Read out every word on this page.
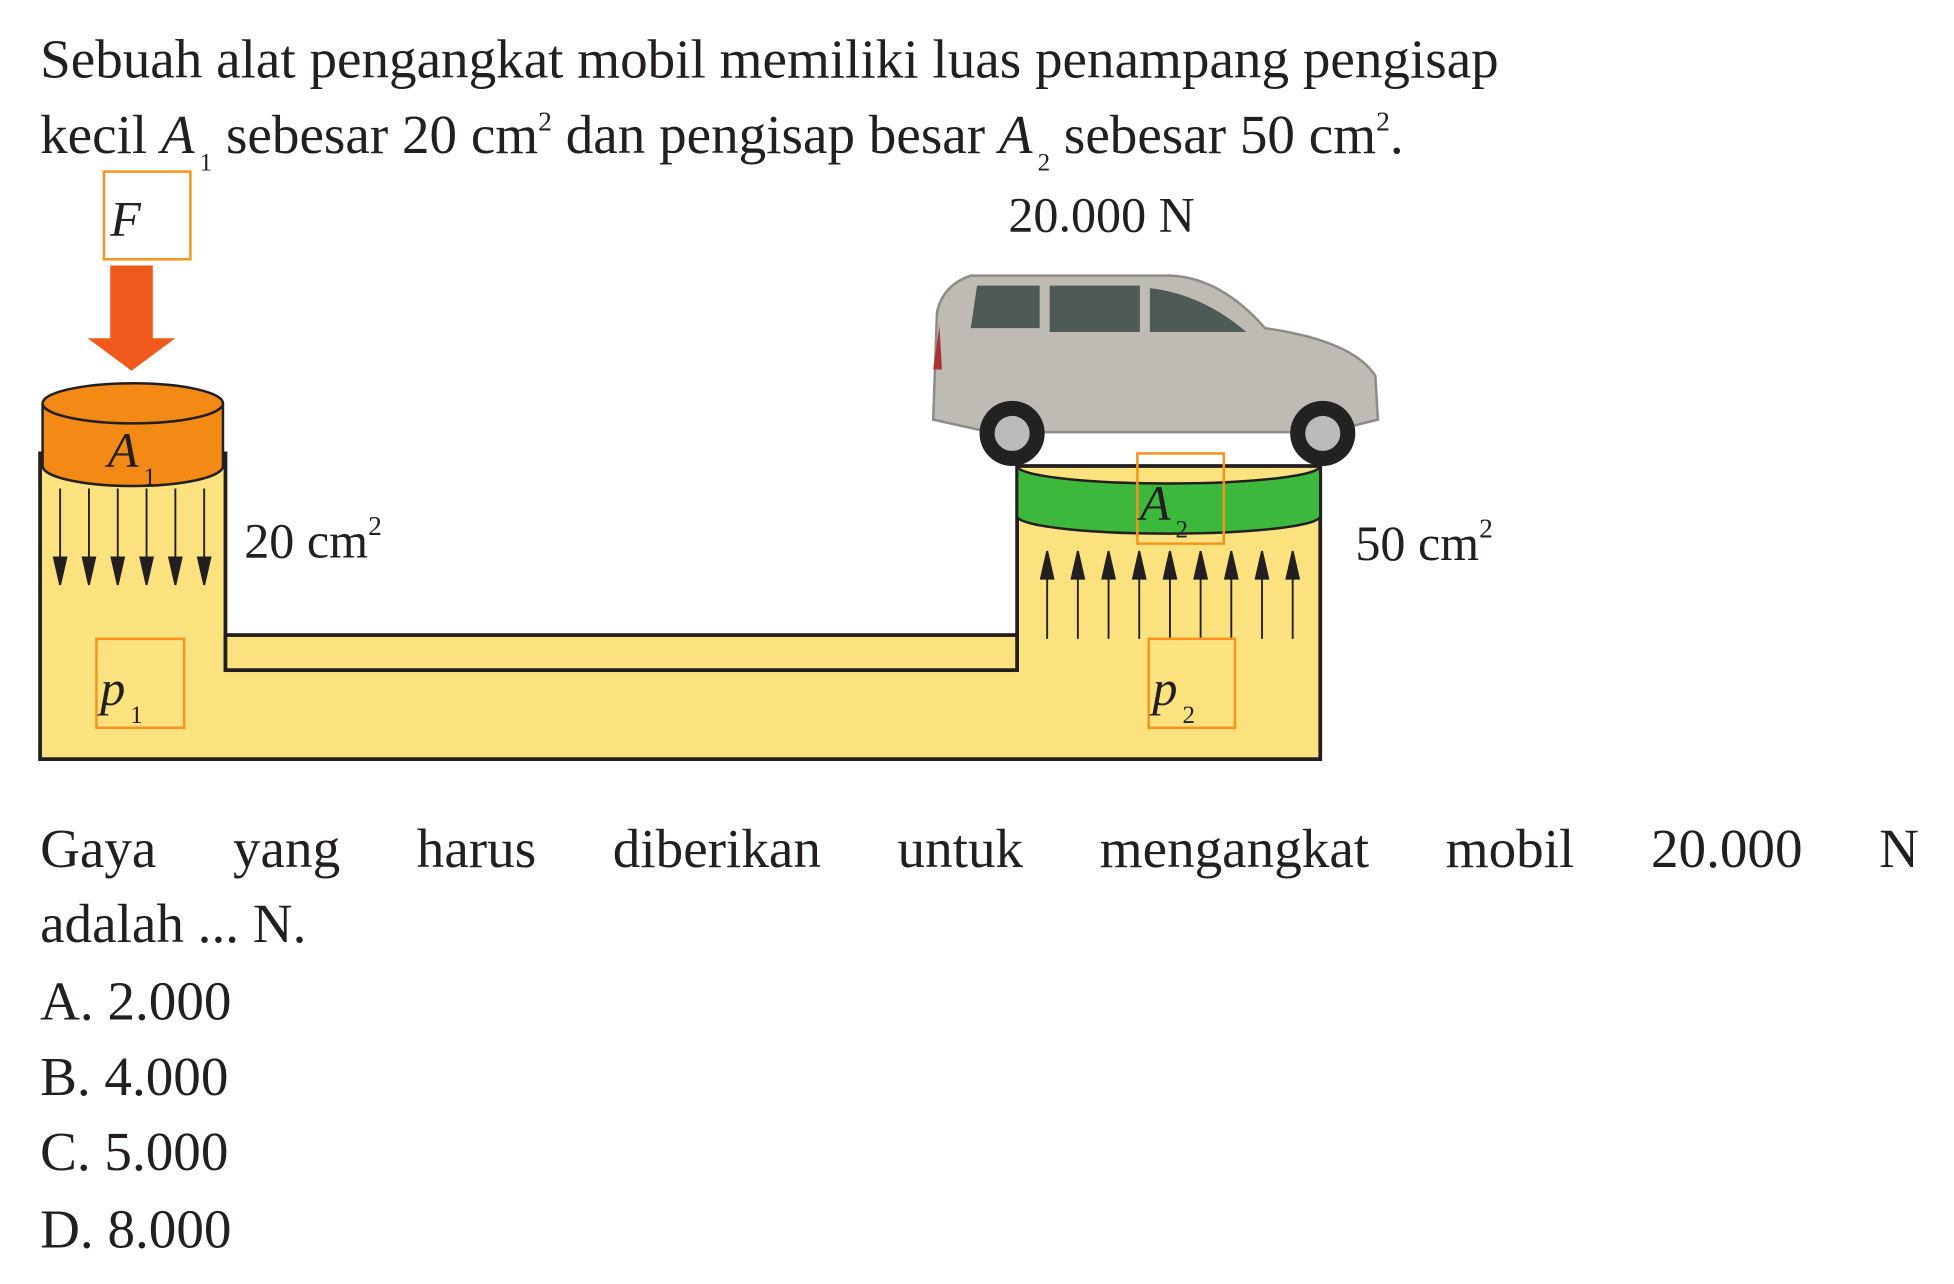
Sebuah alat pengangkat mobil memiliki luas penampang pengisap
kecil A $_1$ sebesar 20 $cm^2$ dan pengisap besar A $_2$ sebesar 50 $cm^2$.
F	20.000 N
A $_1$	A $_2$
20 $cm^2$	50 $cm^2$
p $_1$	p $_2$
Gaya yang harus diberikan untuk mengangkat mobil 20.000 N
adalah ... N.
A. 2.000
B. 4.000
C. 5.000
D. 8.000
